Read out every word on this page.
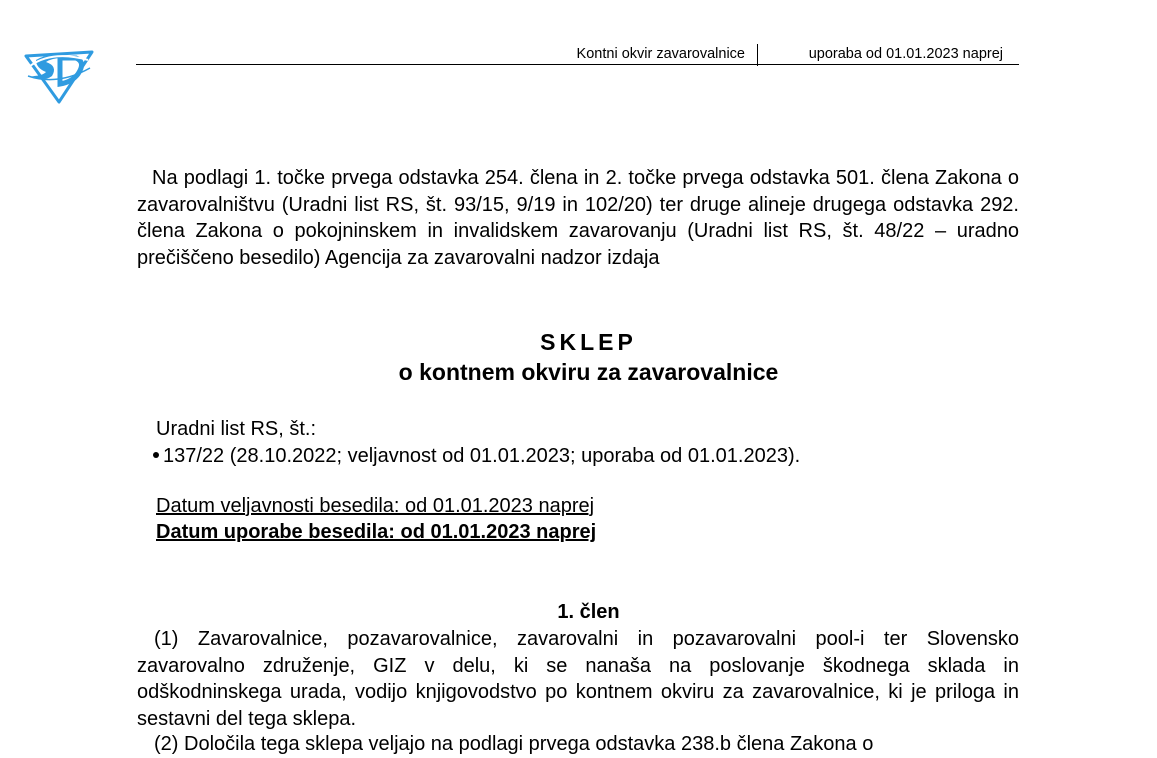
Kontni okvir zavarovalnice	uporaba od 01.01.2023 naprej

Na podlagi 1. točke prvega odstavka 254. člena in 2. točke prvega odstavka 501. člena Zakona o zavarovalništvu (Uradni list RS, št. 93/15, 9/19 in 102/20) ter druge alineje drugega odstavka 292. člena Zakona o pokojninskem in invalidskem zavarovanju (Uradni list RS, št. 48/22 – uradno prečiščeno besedilo) Agencija za zavarovalni nadzor izdaja

SKLEP
o kontnem okviru za zavarovalnice
Uradni list RS, št.:
137/22 (28.10.2022; veljavnost od 01.01.2023; uporaba od 01.01.2023).
Datum veljavnosti besedila: od 01.01.2023 naprej
Datum uporabe besedila: od 01.01.2023 naprej
1. člen

(1) Zavarovalnice, pozavarovalnice, zavarovalni in pozavarovalni pool-i ter Slovensko zavarovalno združenje, GIZ v delu, ki se nanaša na poslovanje škodnega sklada in odškodninskega urada, vodijo knjigovodstvo po kontnem okviru za zavarovalnice, ki je priloga in sestavni del tega sklepa.

(2) Določila tega sklepa veljajo na podlagi prvega odstavka 238.b člena Zakona o
